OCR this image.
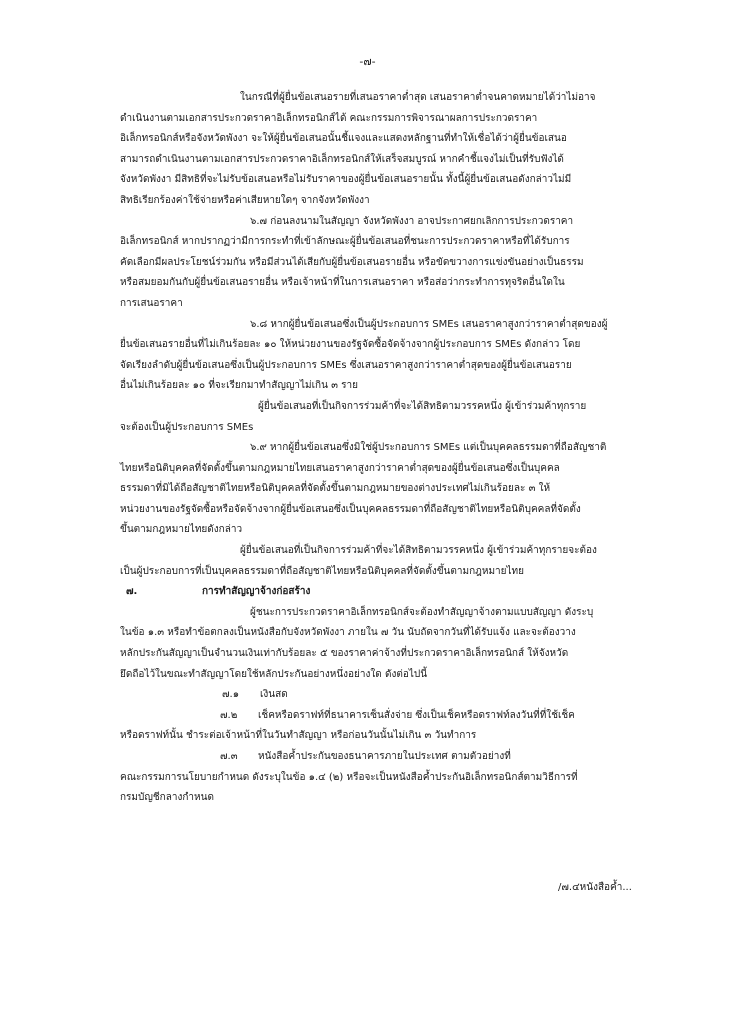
-๗-

ในกรณีที่ผู้ยื่นข้อเสนอรายที่เสนอราคาต่ำสุด เสนอราคาต่ำจนคาดหมายได้ว่าไม่อาจ
ดำเนินงานตามเอกสารประกวดราคาอิเล็กทรอนิกส์ได้ คณะกรรมการพิจารณาผลการประกวดราคา
อิเล็กทรอนิกส์หรือจังหวัดพังงา จะให้ผู้ยื่นข้อเสนอนั้นชี้แจงและแสดงหลักฐานที่ทำให้เชื่อได้ว่าผู้ยื่นข้อเสนอ
สามารถดำเนินงานตามเอกสารประกวดราคาอิเล็กทรอนิกส์ให้เสร็จสมบูรณ์ หากคำชี้แจงไม่เป็นที่รับฟังได้
จังหวัดพังงา มีสิทธิที่จะไม่รับข้อเสนอหรือไม่รับราคาของผู้ยื่นข้อเสนอรายนั้น ทั้งนี้ผู้ยื่นข้อเสนอดังกล่าวไม่มี
สิทธิเรียกร้องค่าใช้จ่ายหรือค่าเสียหายใดๆ จากจังหวัดพังงา

๖.๗ ก่อนลงนามในสัญญา จังหวัดพังงา อาจประกาศยกเลิกการประกวดราคา
อิเล็กทรอนิกส์ หากปรากฏว่ามีการกระทำที่เข้าลักษณะผู้ยื่นข้อเสนอที่ชนะการประกวดราคาหรือที่ได้รับการ
คัดเลือกมีผลประโยชน์ร่วมกัน หรือมีส่วนได้เสียกับผู้ยื่นข้อเสนอรายอื่น หรือขัดขวางการแข่งขันอย่างเป็นธรรม
หรือสมยอมกันกับผู้ยื่นข้อเสนอรายอื่น หรือเจ้าหน้าที่ในการเสนอราคา หรือส่อว่ากระทำการทุจริตอื่นใดใน
การเสนอราคา

๖.๘ หากผู้ยื่นข้อเสนอซึ่งเป็นผู้ประกอบการ SMEs เสนอราคาสูงกว่าราคาต่ำสุดของผู้
ยื่นข้อเสนอรายอื่นที่ไม่เกินร้อยละ ๑๐ ให้หน่วยงานของรัฐจัดซื้อจัดจ้างจากผู้ประกอบการ SMEs ดังกล่าว โดย
จัดเรียงลำดับผู้ยื่นข้อเสนอซึ่งเป็นผู้ประกอบการ SMEs ซึ่งเสนอราคาสูงกว่าราคาต่ำสุดของผู้ยื่นข้อเสนอราย
อื่นไม่เกินร้อยละ ๑๐ ที่จะเรียกมาทำสัญญาไม่เกิน ๓ ราย

ผู้ยื่นข้อเสนอที่เป็นกิจการร่วมค้าที่จะได้สิทธิตามวรรคหนึ่ง ผู้เข้าร่วมค้าทุกราย
จะต้องเป็นผู้ประกอบการ SMEs

๖.๙ หากผู้ยื่นข้อเสนอซึ่งมิใช่ผู้ประกอบการ SMEs แต่เป็นบุคคลธรรมดาที่ถือสัญชาติ
ไทยหรือนิติบุคคลที่จัดตั้งขึ้นตามกฎหมายไทยเสนอราคาสูงกว่าราคาต่ำสุดของผู้ยื่นข้อเสนอซึ่งเป็นบุคคล
ธรรมดาที่มิได้ถือสัญชาติไทยหรือนิติบุคคลที่จัดตั้งขึ้นตามกฎหมายของต่างประเทศไม่เกินร้อยละ ๓ ให้
หน่วยงานของรัฐจัดซื้อหรือจัดจ้างจากผู้ยื่นข้อเสนอซึ่งเป็นบุคคลธรรมดาที่ถือสัญชาติไทยหรือนิติบุคคลที่จัดตั้ง
ขึ้นตามกฎหมายไทยดังกล่าว

ผู้ยื่นข้อเสนอที่เป็นกิจการร่วมค้าที่จะได้สิทธิตามวรรคหนึ่ง ผู้เข้าร่วมค้าทุกรายจะต้อง
เป็นผู้ประกอบการที่เป็นบุคคลธรรมดาที่ถือสัญชาติไทยหรือนิติบุคคลที่จัดตั้งขึ้นตามกฎหมายไทย

๗.	การทำสัญญาจ้างก่อสร้าง

ผู้ชนะการประกวดราคาอิเล็กทรอนิกส์จะต้องทำสัญญาจ้างตามแบบสัญญา ดังระบุ
ในข้อ ๑.๓ หรือทำข้อตกลงเป็นหนังสือกับจังหวัดพังงา ภายใน ๗ วัน นับถัดจากวันที่ได้รับแจ้ง และจะต้องวาง
หลักประกันสัญญาเป็นจำนวนเงินเท่ากับร้อยละ ๕ ของราคาค่าจ้างที่ประกวดราคาอิเล็กทรอนิกส์ ให้จังหวัด
ยึดถือไว้ในขณะทำสัญญาโดยใช้หลักประกันอย่างหนึ่งอย่างใด ดังต่อไปนี้

๗.๑	เงินสด
๗.๒	เช็คหรือดราฟท์ที่ธนาคารเซ็นสั่งจ่าย ซึ่งเป็นเช็คหรือดราฟท์ลงวันที่ที่ใช้เช็ค

หรือดราฟท์นั้น ชำระต่อเจ้าหน้าที่ในวันทำสัญญา หรือก่อนวันนั้นไม่เกิน ๓ วันทำการ

๗.๓	หนังสือค้ำประกันของธนาคารภายในประเทศ ตามตัวอย่างที่

คณะกรรมการนโยบายกำหนด ดังระบุในข้อ ๑.๔ (๒) หรือจะเป็นหนังสือค้ำประกันอิเล็กทรอนิกส์ตามวิธีการที่
กรมบัญชีกลางกำหนด

/๗.๔หนังสือค้ำ...
